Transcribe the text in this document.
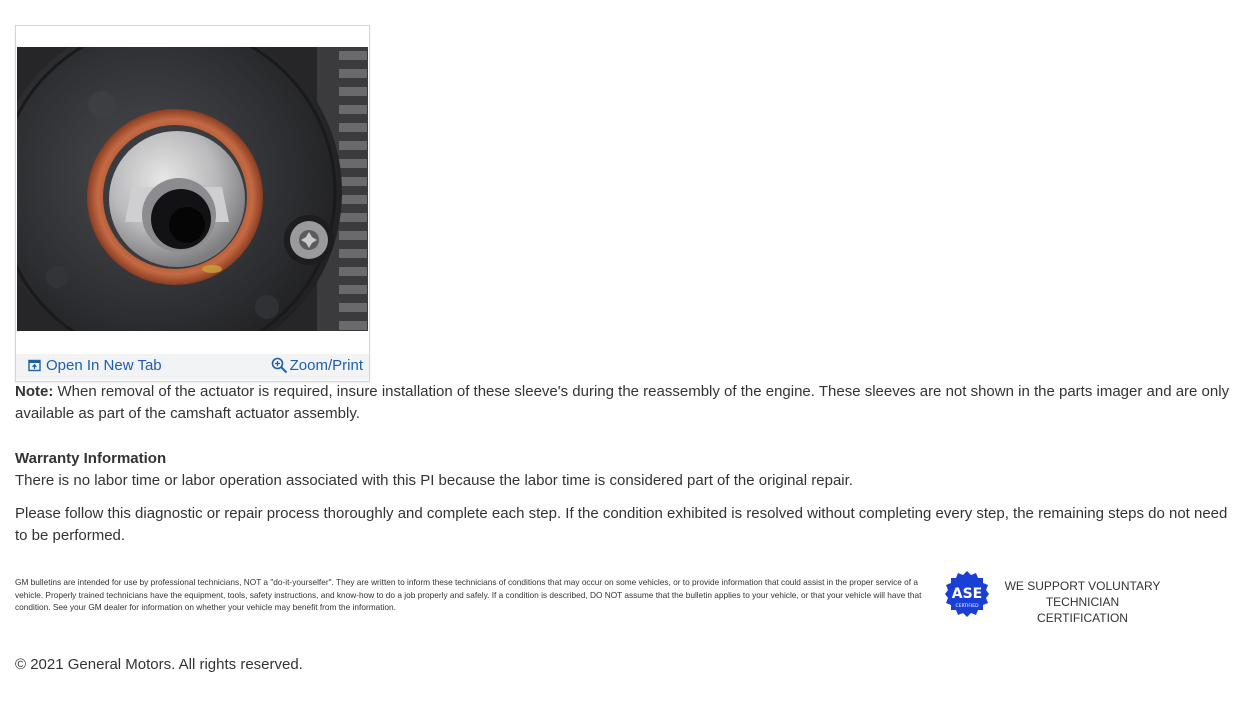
Open In New Tab	Zoom/Print
Note: When removal of the actuator is required, insure installation of these sleeve's during the reassembly of the engine. These sleeves are not shown in the parts imager and are only available as part of the camshaft actuator assembly.
Warranty Information
There is no labor time or labor operation associated with this PI because the labor time is considered part of the original repair.
Please follow this diagnostic or repair process thoroughly and complete each step. If the condition exhibited is resolved without completing every step, the remaining steps do not need to be performed.
GM bulletins are intended for use by professional technicians, NOT a "do-it-yourselfer". They are written to inform these technicians of conditions that may occur on some vehicles, or to provide information that could assist in the proper service of a vehicle. Properly trained technicians have the equipment, tools, safety instructions, and know-how to do a job properly and safely. If a condition is described, DO NOT assume that the bulletin applies to your vehicle, or that your vehicle will have that condition. See your GM dealer for information on whether your vehicle may benefit from the information.
ASE
CERTIFIED
WE SUPPORT VOLUNTARY
TECHNICIAN CERTIFICATION
© 2021 General Motors. All rights reserved.
